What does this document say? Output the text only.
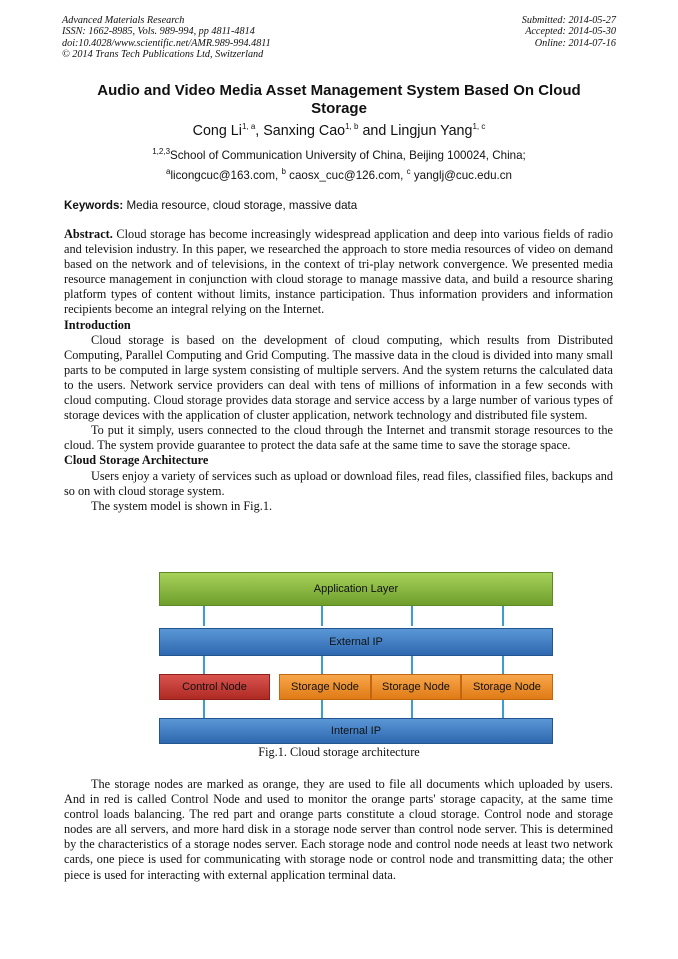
Advanced Materials Research
ISSN: 1662-8985, Vols. 989-994, pp 4811-4814
doi:10.4028/www.scientific.net/AMR.989-994.4811
© 2014 Trans Tech Publications Ltd, Switzerland
Submitted: 2014-05-27
Accepted: 2014-05-30
Online: 2014-07-16
Audio and Video Media Asset Management System Based On Cloud Storage
Cong Li$^{1, a}$, Sanxing Cao$^{1, b}$ and Lingjun Yang$^{1, c}$
$^{1,2,3}$School of Communication University of China, Beijing 100024, China;
$^a$licongcuc@163.com, $^b$ caosx_cuc@126.com, $^c$ yanglj@cuc.edu.cn
Keywords: Media resource, cloud storage, massive data

Abstract. Cloud storage has become increasingly widespread application and deep into various fields of radio and television industry. In this paper, we researched the approach to store media resources of video on demand based on the network and of televisions, in the context of tri-play network convergence. We presented media resource management in conjunction with cloud storage to manage massive data, and build a resource sharing platform types of content without limits, instance participation. Thus information providers and information recipients become an integral relying on the Internet.

Introduction

Cloud storage is based on the development of cloud computing, which results from Distributed Computing, Parallel Computing and Grid Computing. The massive data in the cloud is divided into many small parts to be computed in large system consisting of multiple servers. And the system returns the calculated data to the users. Network service providers can deal with tens of millions of information in a few seconds with cloud computing. Cloud storage provides data storage and service access by a large number of various types of storage devices with the application of cluster application, network technology and distributed file system.

To put it simply, users connected to the cloud through the Internet and transmit storage resources to the cloud. The system provide guarantee to protect the data safe at the same time to save the storage space.

Cloud Storage Architecture

Users enjoy a variety of services such as upload or download files, read files, classified files, backups and so on with cloud storage system.

The system model is shown in Fig.1.

Application Layer
External IP
Control Node	Storage Node	Storage Node	Storage Node
Internal IP
Fig.1. Cloud storage architecture

The storage nodes are marked as orange, they are used to file all documents which uploaded by users. And in red is called Control Node and used to monitor the orange parts' storage capacity, at the same time control loads balancing. The red part and orange parts constitute a cloud storage. Control node and storage nodes are all servers, and more hard disk in a storage node server than control node server. This is determined by the characteristics of a storage nodes server. Each storage node and control node needs at least two network cards, one piece is used for communicating with storage node or control node and transmitting data; the other piece is used for interacting with external application terminal data.
